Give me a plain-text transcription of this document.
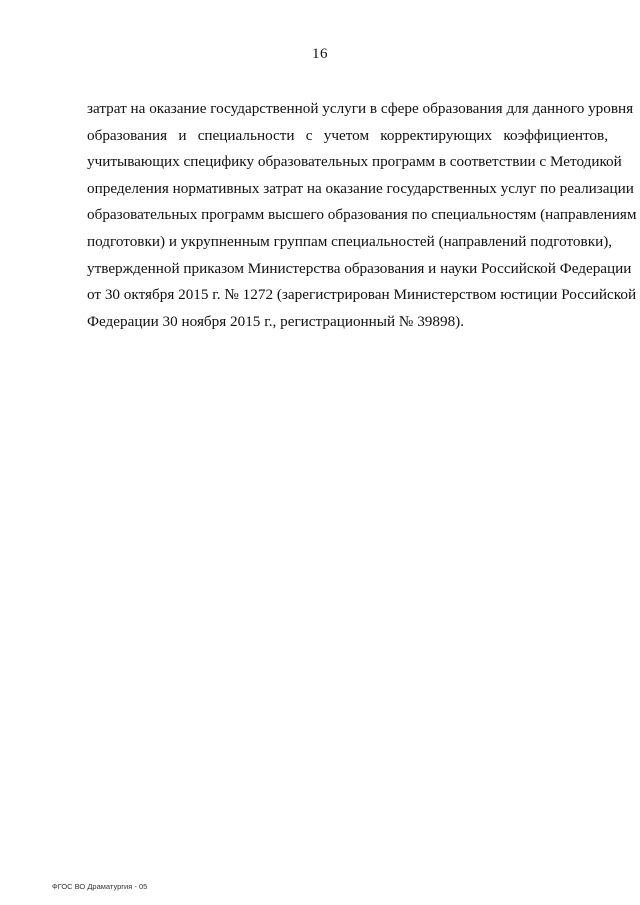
16

затрат на оказание государственной услуги в сфере образования для данного уровня
образования и специальности с учетом корректирующих коэффициентов,
учитывающих специфику образовательных программ в соответствии с Методикой
определения нормативных затрат на оказание государственных услуг по реализации
образовательных программ высшего образования по специальностям (направлениям
подготовки) и укрупненным группам специальностей (направлений подготовки),
утвержденной приказом Министерства образования и науки Российской Федерации
от 30 октября 2015 г. № 1272 (зарегистрирован Министерством юстиции Российской
Федерации 30 ноября 2015 г., регистрационный № 39898).

ФГОС ВО Драматургия - 05
